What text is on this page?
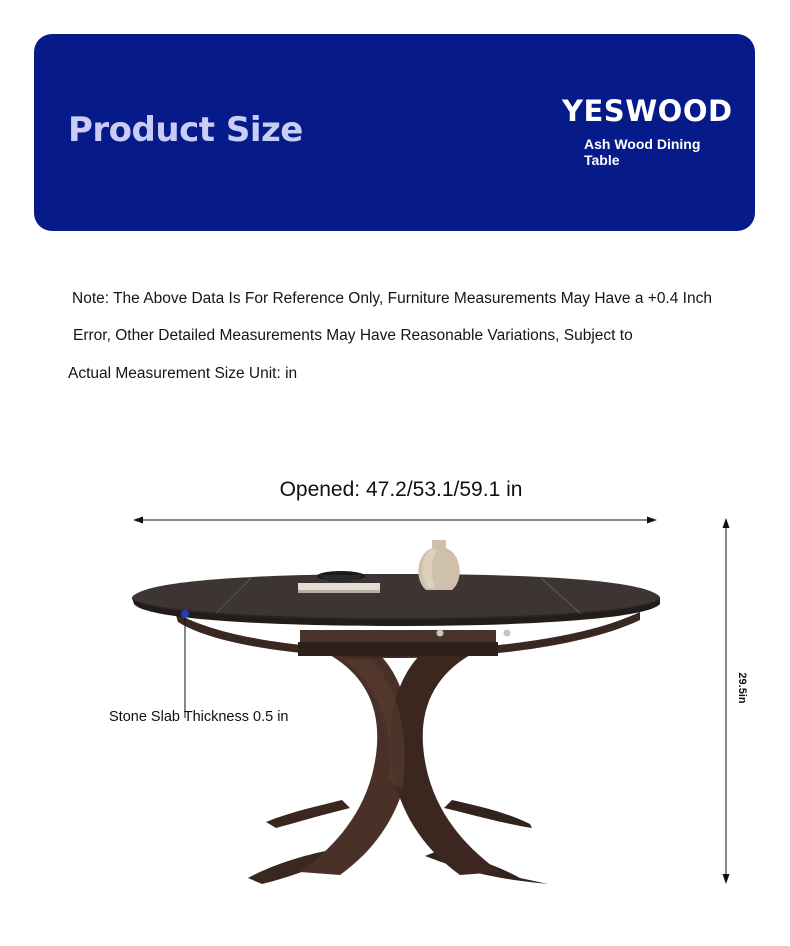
Product Size	YESWOOD
Ash Wood Dining Table
Note: The Above Data Is For Reference Only, Furniture Measurements May Have a +0.4 Inch
Error, Other Detailed Measurements May Have Reasonable Variations, Subject to
Actual Measurement Size Unit: in
Opened: 47.2/53.1/59.1 in
Stone Slab Thickness 0.5 in
29.5in
